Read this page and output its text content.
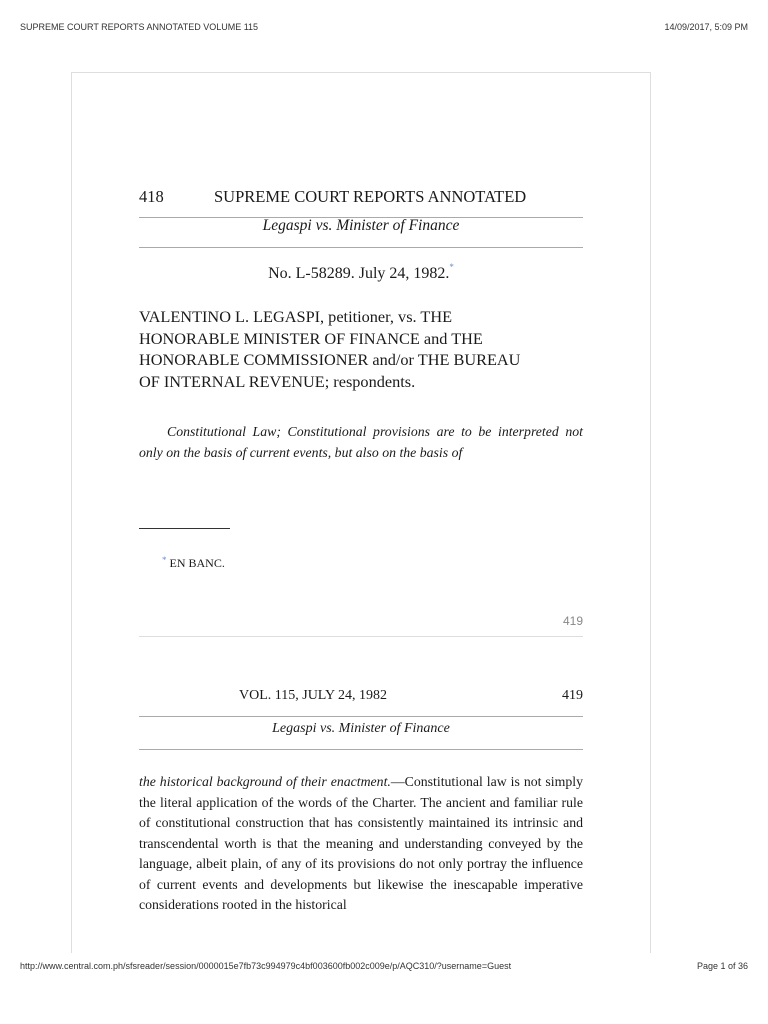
SUPREME COURT REPORTS ANNOTATED VOLUME 115	14/09/2017, 5:09 PM
418	SUPREME COURT REPORTS ANNOTATED
Legaspi vs. Minister of Finance
No. L-58289. July 24, 1982.*
VALENTINO L. LEGASPI, petitioner, vs. THE
HONORABLE MINISTER OF FINANCE and THE
HONORABLE COMMISSIONER and/or THE BUREAU
OF INTERNAL REVENUE; respondents.
Constitutional Law; Constitutional provisions are to be interpreted not only on the basis of current events, but also on the basis of
* EN BANC.
419
VOL. 115, JULY 24, 1982	419
Legaspi vs. Minister of Finance
the historical background of their enactment.—Constitutional law is not simply the literal application of the words of the Charter. The ancient and familiar rule of constitutional construction that has consistently maintained its intrinsic and transcendental worth is that the meaning and understanding conveyed by the language, albeit plain, of any of its provisions do not only portray the influence of current events and developments but likewise the inescapable imperative considerations rooted in the historical
http://www.central.com.ph/sfsreader/session/0000015e7fb73c994979c4bf003600fb002c009e/p/AQC310/?username=Guest	Page 1 of 36
